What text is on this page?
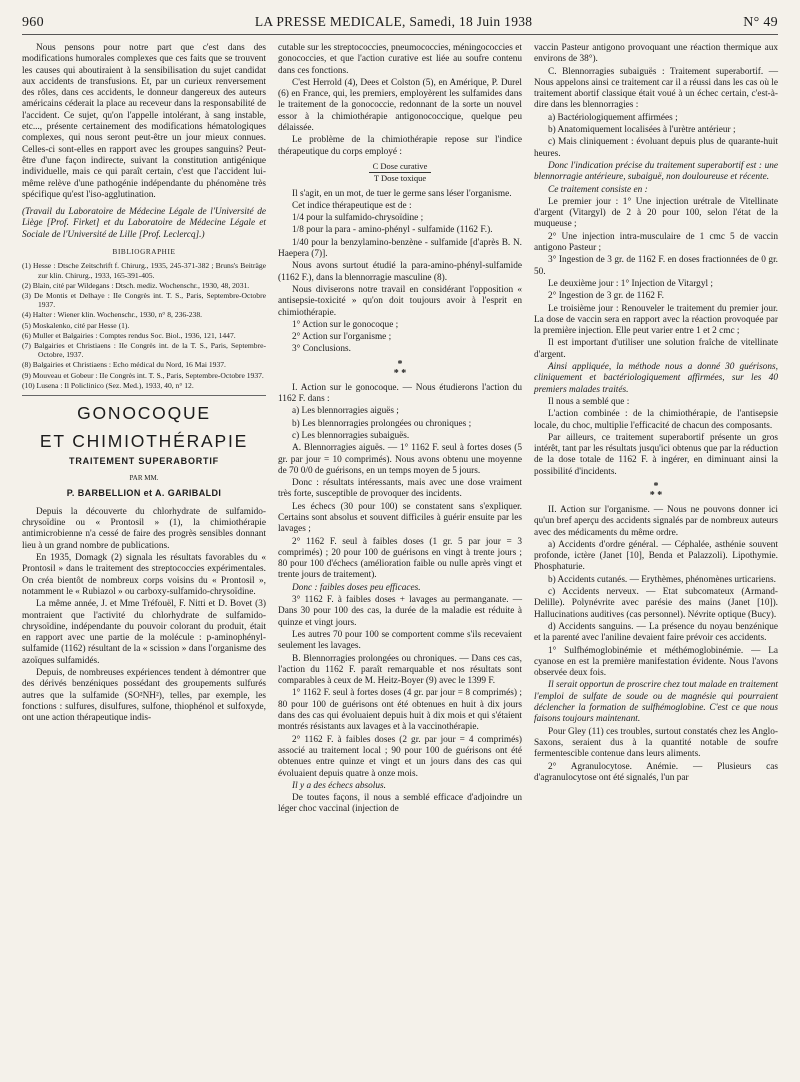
960	LA PRESSE MEDICALE, Samedi, 18 Juin 1938	N° 49

Nous pensons pour notre part que c'est dans des modifications humorales complexes que ces faits que se trouvent les causes qui aboutiraient à la sensibilisation du sujet candidat aux accidents de transfusions. Et, par un curieux renversement des rôles, dans ces accidents, le donneur dangereux des auteurs américains céderait la place au receveur dans la responsabilité de l'accident. Ce sujet, qu'on l'appelle intolérant, à sang instable, etc..., présente certainement des modifications hématologiques complexes, qui nous seront peut-être un jour mieux connues. Celles-ci sont-elles en rapport avec les groupes sanguins? Peut-être d'une façon indirecte, suivant la constitution antigénique individuelle, mais ce qui paraît certain, c'est que l'accident lui-même relève d'une pathogénie indépendante du phénomène très spécifique qu'est l'iso-agglutination.

(Travail du Laboratoire de Médecine Légale de l'Université de Liège [Prof. Firket] et du Laboratoire de Médecine Légale et Sociale de l'Université de Lille [Prof. Leclercq].)

BIBLIOGRAPHIE
(1) Hesse : Dtsche Zeitschrift f. Chirurg., 1935, 245-371-382 ; Bruns's Beiträge zur klin. Chirurg., 1933, 165-391-405.
(2) Blain, cité par Wildegans : Dtsch. mediz. Wochenschr., 1930, 48, 2031.
(3) De Montis et Delhaye : IIe Congrès int. T. S., Paris, Septembre-Octobre 1937.
(4) Halter : Wiener klin. Wochenschr., 1930, n° 8, 236-238.
(5) Moskalenko, cité par Hesse (1).
(6) Muller et Balgairies : Comptes rendus Soc. Biol., 1936, 121, 1447.
(7) Balgairies et Christiaens : IIe Congrès int. de la T. S., Paris, Septembre-Octobre, 1937.
(8) Balgairies et Christiaens : Echo médical du Nord, 16 Mai 1937.
(9) Mouveau et Gobeur : IIe Congrès int. T. S., Paris, Septembre-Octobre 1937.
(10) Lusena : Il Policlinico (Sez. Med.), 1933, 40, n° 12.
GONOCOQUE
ET CHIMIOTHÉRAPIE
TRAITEMENT SUPERABORTIF
PAR MM.
P. BARBELLION et A. GARIBALDI

Depuis la découverte du chlorhydrate de sulfamido-chrysoïdine ou « Prontosil » (1), la chimiothérapie antimicrobienne n'a cessé de faire des progrès sensibles donnant lieu à un grand nombre de publications.

En 1935, Domagk (2) signala les résultats favorables du « Prontosil » dans le traitement des streptococcies expérimentales. On créa bientôt de nombreux corps voisins du « Prontosil », notamment le « Rubiazol » ou carboxy-sulfamido-chrysoïdine.

La même année, J. et Mme Tréfouël, F. Nitti et D. Bovet (3) montraient que l'activité du chlorhydrate de sulfamido-chrysoïdine, indépendante du pouvoir colorant du produit, était en rapport avec une partie de la molécule : p-aminophényl-sulfamide (1162) résultant de la « scission » dans l'organisme des azoïques sulfamidés.

Depuis, de nombreuses expériences tendent à démontrer que des dérivés benzéniques possédant des groupements sulfurés autres que la sulfamide (SO²NH²), telles, par exemple, les fonctions : sulfures, disulfures, sulfone, thiophénol et sulfoxyde, ont une action thérapeutique indis-

cutable sur les streptococcies, pneumococcies, méningococcies et gonococcies, et que l'action curative est liée au soufre contenu dans ces fonctions.

C'est Herrold (4), Dees et Colston (5), en Amérique, P. Durel (6) en France, qui, les premiers, employèrent les sulfamides dans le traitement de la gonococcie, redonnant de la sorte un nouvel essor à la chimiothérapie antigonococcique, quelque peu délaissée.

Le problème de la chimiothérapie repose sur l'indice thérapeutique du corps employé :

C Dose curative
T Dose toxique

Il s'agit, en un mot, de tuer le germe sans léser l'organisme.

Cet indice thérapeutique est de :

1/4 pour la sulfamido-chrysoïdine ;

1/8 pour la para - amino-phényl - sulfamide (1162 F.).

1/40 pour la benzylamino-benzène - sulfamide [d'après B. N. Haepera (7)].

Nous avons surtout étudié la para-amino-phényl-sulfamide (1162 F.), dans la blennorragie masculine (8).

Nous diviserons notre travail en considérant l'opposition « antisepsie-toxicité » qu'on doit toujours avoir à l'esprit en chimiothérapie.

1° Action sur le gonocoque ;

2° Action sur l'organisme ;

3° Conclusions.

*
* *

I. Action sur le gonocoque. — Nous étudierons l'action du 1162 F. dans :

a) Les blennorragies aiguës ;

b) Les blennorragies prolongées ou chroniques ;

c) Les blennorragies subaiguës.

A. Blennorragies aiguës. — 1° 1162 F. seul à fortes doses (5 gr. par jour = 10 comprimés). Nous avons obtenu une moyenne de 70 0/0 de guérisons, en un temps moyen de 5 jours.

Donc : résultats intéressants, mais avec une dose vraiment très forte, susceptible de provoquer des incidents.

Les échecs (30 pour 100) se constatent sans s'expliquer. Certains sont absolus et souvent difficiles à guérir ensuite par les lavages ;

2° 1162 F. seul à faibles doses (1 gr. 5 par jour = 3 comprimés) ; 20 pour 100 de guérisons en vingt à trente jours ; 80 pour 100 d'échecs (amélioration faible ou nulle après vingt et trente jours de traitement).

Donc : faibles doses peu efficaces.

3° 1162 F. à faibles doses + lavages au permanganate. — Dans 30 pour 100 des cas, la durée de la maladie est réduite à quinze et vingt jours.

Les autres 70 pour 100 se comportent comme s'ils recevaient seulement les lavages.

B. Blennorragies prolongées ou chroniques. — Dans ces cas, l'action du 1162 F. paraît remarquable et nos résultats sont comparables à ceux de M. Heitz-Boyer (9) avec le 1399 F.

1° 1162 F. seul à fortes doses (4 gr. par jour = 8 comprimés) ; 80 pour 100 de guérisons ont été obtenues en huit à dix jours dans des cas qui évoluaient depuis huit à dix mois et qui s'étaient montrés résistants aux lavages et à la vaccinothérapie.

2° 1162 F. à faibles doses (2 gr. par jour = 4 comprimés) associé au traitement local ; 90 pour 100 de guérisons ont été obtenues entre quinze et vingt et un jours dans des cas qui évoluaient depuis quatre à onze mois.

Il y a des échecs absolus.

De toutes façons, il nous a semblé efficace d'adjoindre un léger choc vaccinal (injection de

vaccin Pasteur antigono provoquant une réaction thermique aux environs de 38°).

C. Blennorragies subaiguës : Traitement superabortif. — Nous appelons ainsi ce traitement car il a réussi dans les cas où le traitement abortif classique était voué à un échec certain, c'est-à-dire dans les blennorragies :

a) Bactériologiquement affirmées ;

b) Anatomiquement localisées à l'urètre antérieur ;

c) Mais cliniquement : évoluant depuis plus de quarante-huit heures.

Donc l'indication précise du traitement superabortif est : une blennorragie antérieure, subaiguë, non douloureuse et récente.

Ce traitement consiste en :

Le premier jour : 1° Une injection urétrale de Vitellinate d'argent (Vitargyl) de 2 à 20 pour 100, selon l'état de la muqueuse ;

2° Une injection intra-musculaire de 1 cmc 5 de vaccin antigono Pasteur ;

3° Ingestion de 3 gr. de 1162 F. en doses fractionnées de 0 gr. 50.

Le deuxième jour : 1° Injection de Vitargyl ;

2° Ingestion de 3 gr. de 1162 F.

Le troisième jour : Renouveler le traitement du premier jour. La dose de vaccin sera en rapport avec la réaction provoquée par la première injection. Elle peut varier entre 1 et 2 cmc ;

Il est important d'utiliser une solution fraîche de vitellinate d'argent.

Ainsi appliquée, la méthode nous a donné 30 guérisons, cliniquement et bactériologiquement affirmées, sur les 40 premiers malades traités.

Il nous a semblé que :

L'action combinée : de la chimiothérapie, de l'antisepsie locale, du choc, multiplie l'efficacité de chacun des composants.

Par ailleurs, ce traitement superabortif présente un gros intérêt, tant par les résultats jusqu'ici obtenus que par la réduction de la dose totale de 1162 F. à ingérer, en diminuant ainsi la possibilité d'incidents.

*
* *

II. Action sur l'organisme. — Nous ne pouvons donner ici qu'un bref aperçu des accidents signalés par de nombreux auteurs avec des médicaments du même ordre.

a) Accidents d'ordre général. — Céphalée, asthénie souvent profonde, ictère (Janet [10], Benda et Palazzoli). Lipothymie. Phosphaturie.

b) Accidents cutanés. — Erythèmes, phénomènes urticariens.

c) Accidents nerveux. — Etat subcomateux (Armand-Delille). Polynévrite avec parésie des mains (Janet [10]). Hallucinations auditives (cas personnel). Névrite optique (Bucy).

d) Accidents sanguins. — La présence du noyau benzénique et la parenté avec l'aniline devaient faire prévoir ces accidents.

1° Sulfhémoglobinémie et méthémoglobinémie. — La cyanose en est la première manifestation évidente. Nous l'avons observée deux fois.

Il serait opportun de proscrire chez tout malade en traitement l'emploi de sulfate de soude ou de magnésie qui pourraient déclencher la formation de sulfhémoglobine. C'est ce que nous faisons toujours maintenant.

Pour Gley (11) ces troubles, surtout constatés chez les Anglo-Saxons, seraient dus à la quantité notable de soufre fermentescible contenue dans leurs aliments.

2° Agranulocytose. Anémie. — Plusieurs cas d'agranulocytose ont été signalés, l'un par
